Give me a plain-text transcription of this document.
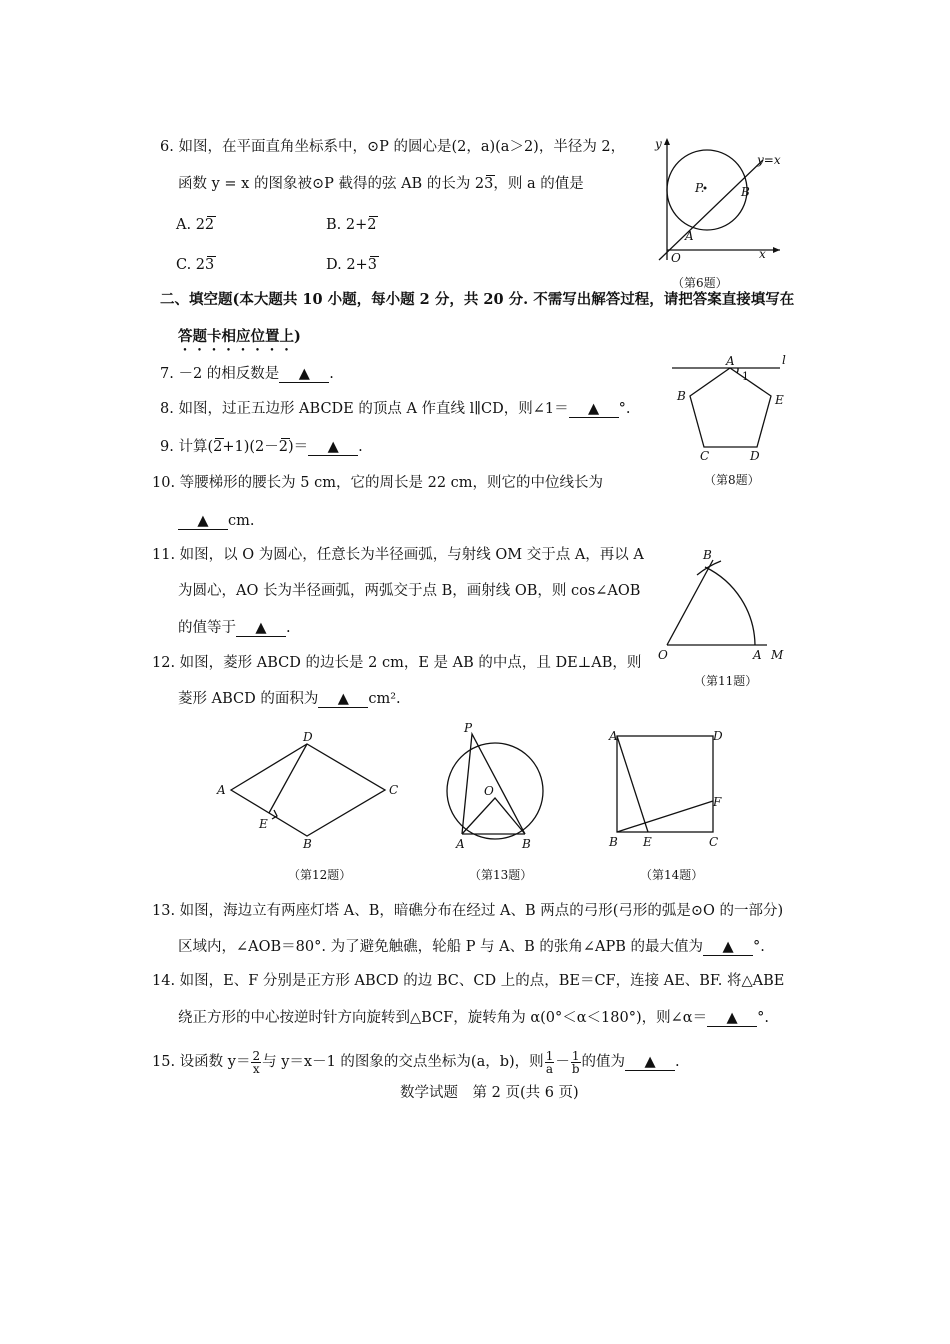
6. 如图，在平面直角坐标系中，⊙P 的圆心是(2，a)(a＞2)，半径为 2，
函数 y = x 的图象被⊙P 截得的弦 AB 的长为 23，则 a 的值是
A. 22	B. 2+2
C. 23	D. 2+3
y
x
O
P.
A
B
y=x
（第6题）
二、填空题(本大题共 10 小题，每小题 2 分，共 20 分. 不需写出解答过程，请把答案直接填写在
答题卡相应位置上)
7. －2 的相反数是 ▲ .
8. 如图，过正五边形 ABCDE 的顶点 A 作直线 l∥CD，则∠1＝ ▲ °.
A	l
1
B	E
C	D
（第8题）
9. 计算(2+1)(2－2)＝ ▲ .
10. 等腰梯形的腰长为 5 cm，它的周长是 22 cm，则它的中位线长为
▲ cm.
11. 如图，以 O 为圆心，任意长为半径画弧，与射线 OM 交于点 A，再以 A
为圆心，AO 长为半径画弧，两弧交于点 B，画射线 OB，则 cos∠AOB
的值等于 ▲ .
B
O	A M
（第11题）
12. 如图，菱形 ABCD 的边长是 2 cm，E 是 AB 的中点，且 DE⊥AB，则
菱形 ABCD 的面积为 ▲ cm².
A
D
C
B
E
（第12题）
P
O
A	B
（第13题）
A	D
F
B E	C
（第14题）
13. 如图，海边立有两座灯塔 A、B，暗礁分布在经过 A、B 两点的弓形(弓形的弧是⊙O 的一部分)
区域内，∠AOB＝80°. 为了避免触礁，轮船 P 与 A、B 的张角∠APB 的最大值为 ▲ °.
14. 如图，E、F 分别是正方形 ABCD 的边 BC、CD 上的点，BE＝CF，连接 AE、BF. 将△ABE
绕正方形的中心按逆时针方向旋转到△BCF，旋转角为 α(0°＜α＜180°)，则∠α＝ ▲ °.
15. 设函数 $y= \frac{2}{x}$ 与 y＝x－1 的图象的交点坐标为(a，b)，则 $\frac{1}{a} - \frac{1}{b}$ 的值为 ▲ .
数学试题　第 2 页(共 6 页)
